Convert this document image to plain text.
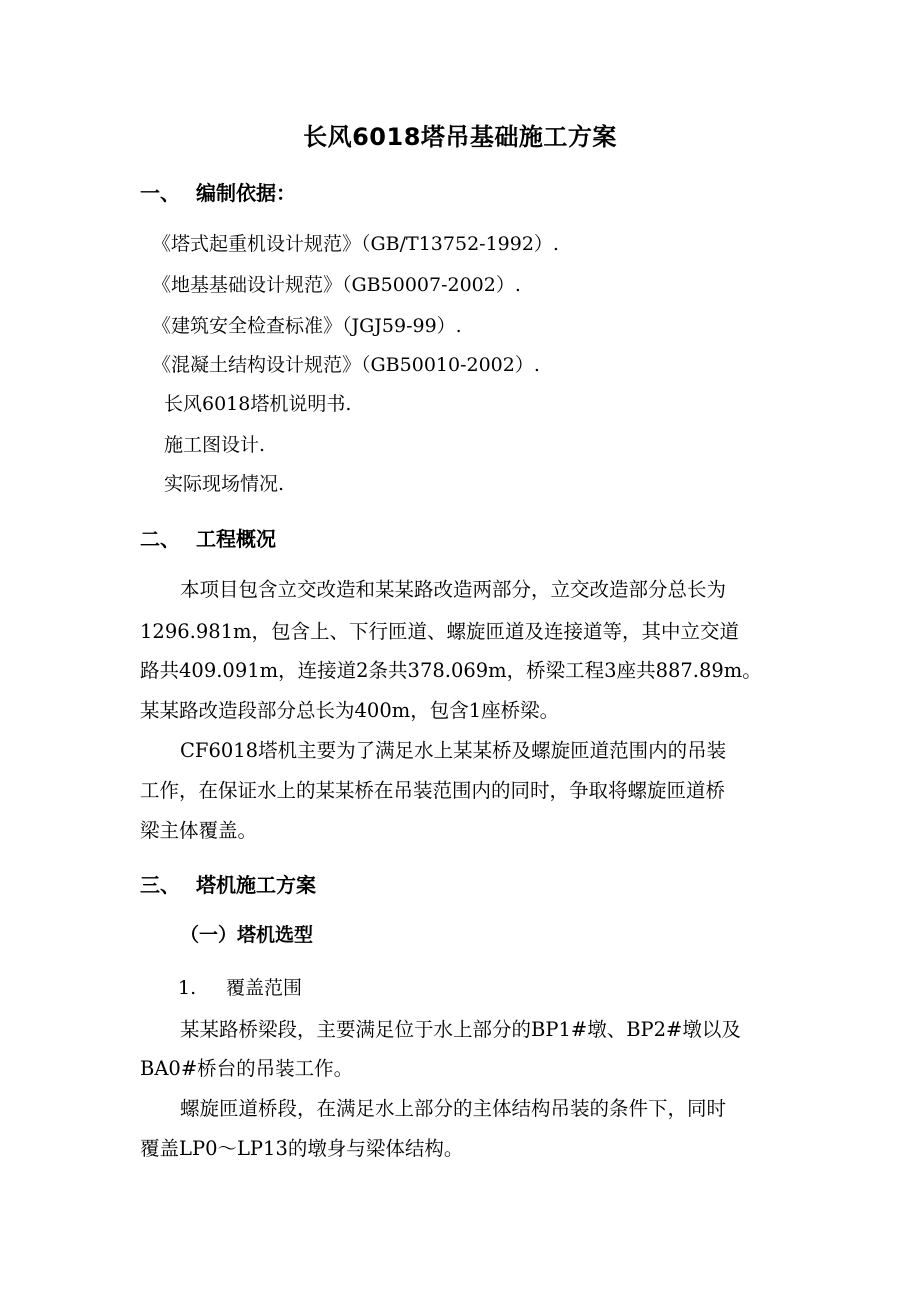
长风6018塔吊基础施工方案
一、 编制依据：
《塔式起重机设计规范》（GB/T13752-1992）.
《地基基础设计规范》（GB50007-2002）.
《建筑安全检查标准》（JGJ59-99）.
《混凝土结构设计规范》（GB50010-2002）.
长风6018塔机说明书.
施工图设计.
实际现场情况.
二、 工程概况
本项目包含立交改造和某某路改造两部分，立交改造部分总长为
1296.981m，包含上、下行匝道、螺旋匝道及连接道等，其中立交道
路共409.091m，连接道2条共378.069m，桥梁工程3座共887.89m。
某某路改造段部分总长为400m，包含1座桥梁。
CF6018塔机主要为了满足水上某某桥及螺旋匝道范围内的吊装
工作，在保证水上的某某桥在吊装范围内的同时，争取将螺旋匝道桥
梁主体覆盖。
三、 塔机施工方案
（一）塔机选型
1. 覆盖范围
某某路桥梁段，主要满足位于水上部分的BP1#墩、BP2#墩以及
BA0#桥台的吊装工作。
螺旋匝道桥段，在满足水上部分的主体结构吊装的条件下，同时
覆盖LP0～LP13的墩身与梁体结构。
